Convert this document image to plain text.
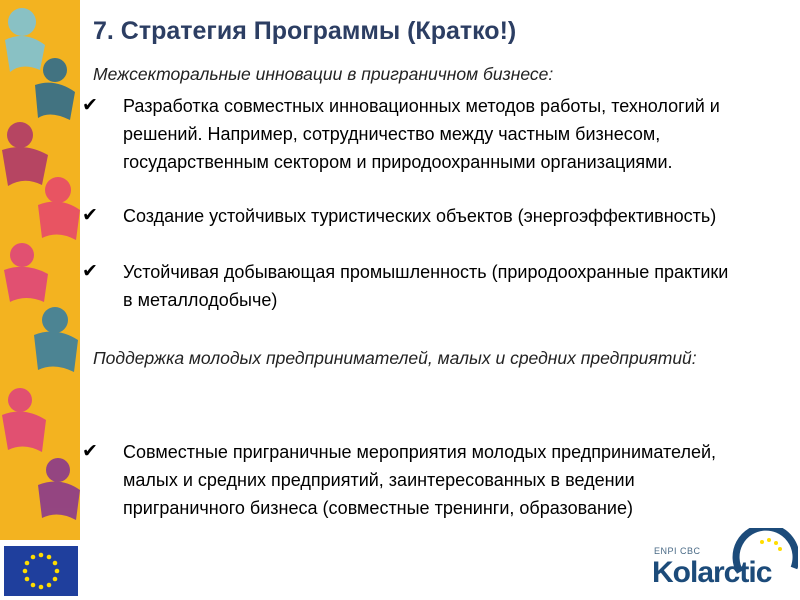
7. Стратегия Программы (Кратко!)
Межсекторальные инновации в приграничном бизнесе:
✔	Разработка совместных инновационных методов работы, технологий и решений. Например, сотрудничество между частным бизнесом, государственным сектором и природоохранными организациями.
✔	Создание устойчивых туристических объектов (энергоэффективность)
✔	Устойчивая добывающая промышленность (природоохранные практики в металлодобыче)
Поддержка молодых предпринимателей, малых и средних предприятий:
✔	Совместные приграничные мероприятия молодых предпринимателей, малых и средних предприятий, заинтересованных в ведении приграничного бизнеса (совместные тренинги, образование)
ENPI CBC
Kolarctic
